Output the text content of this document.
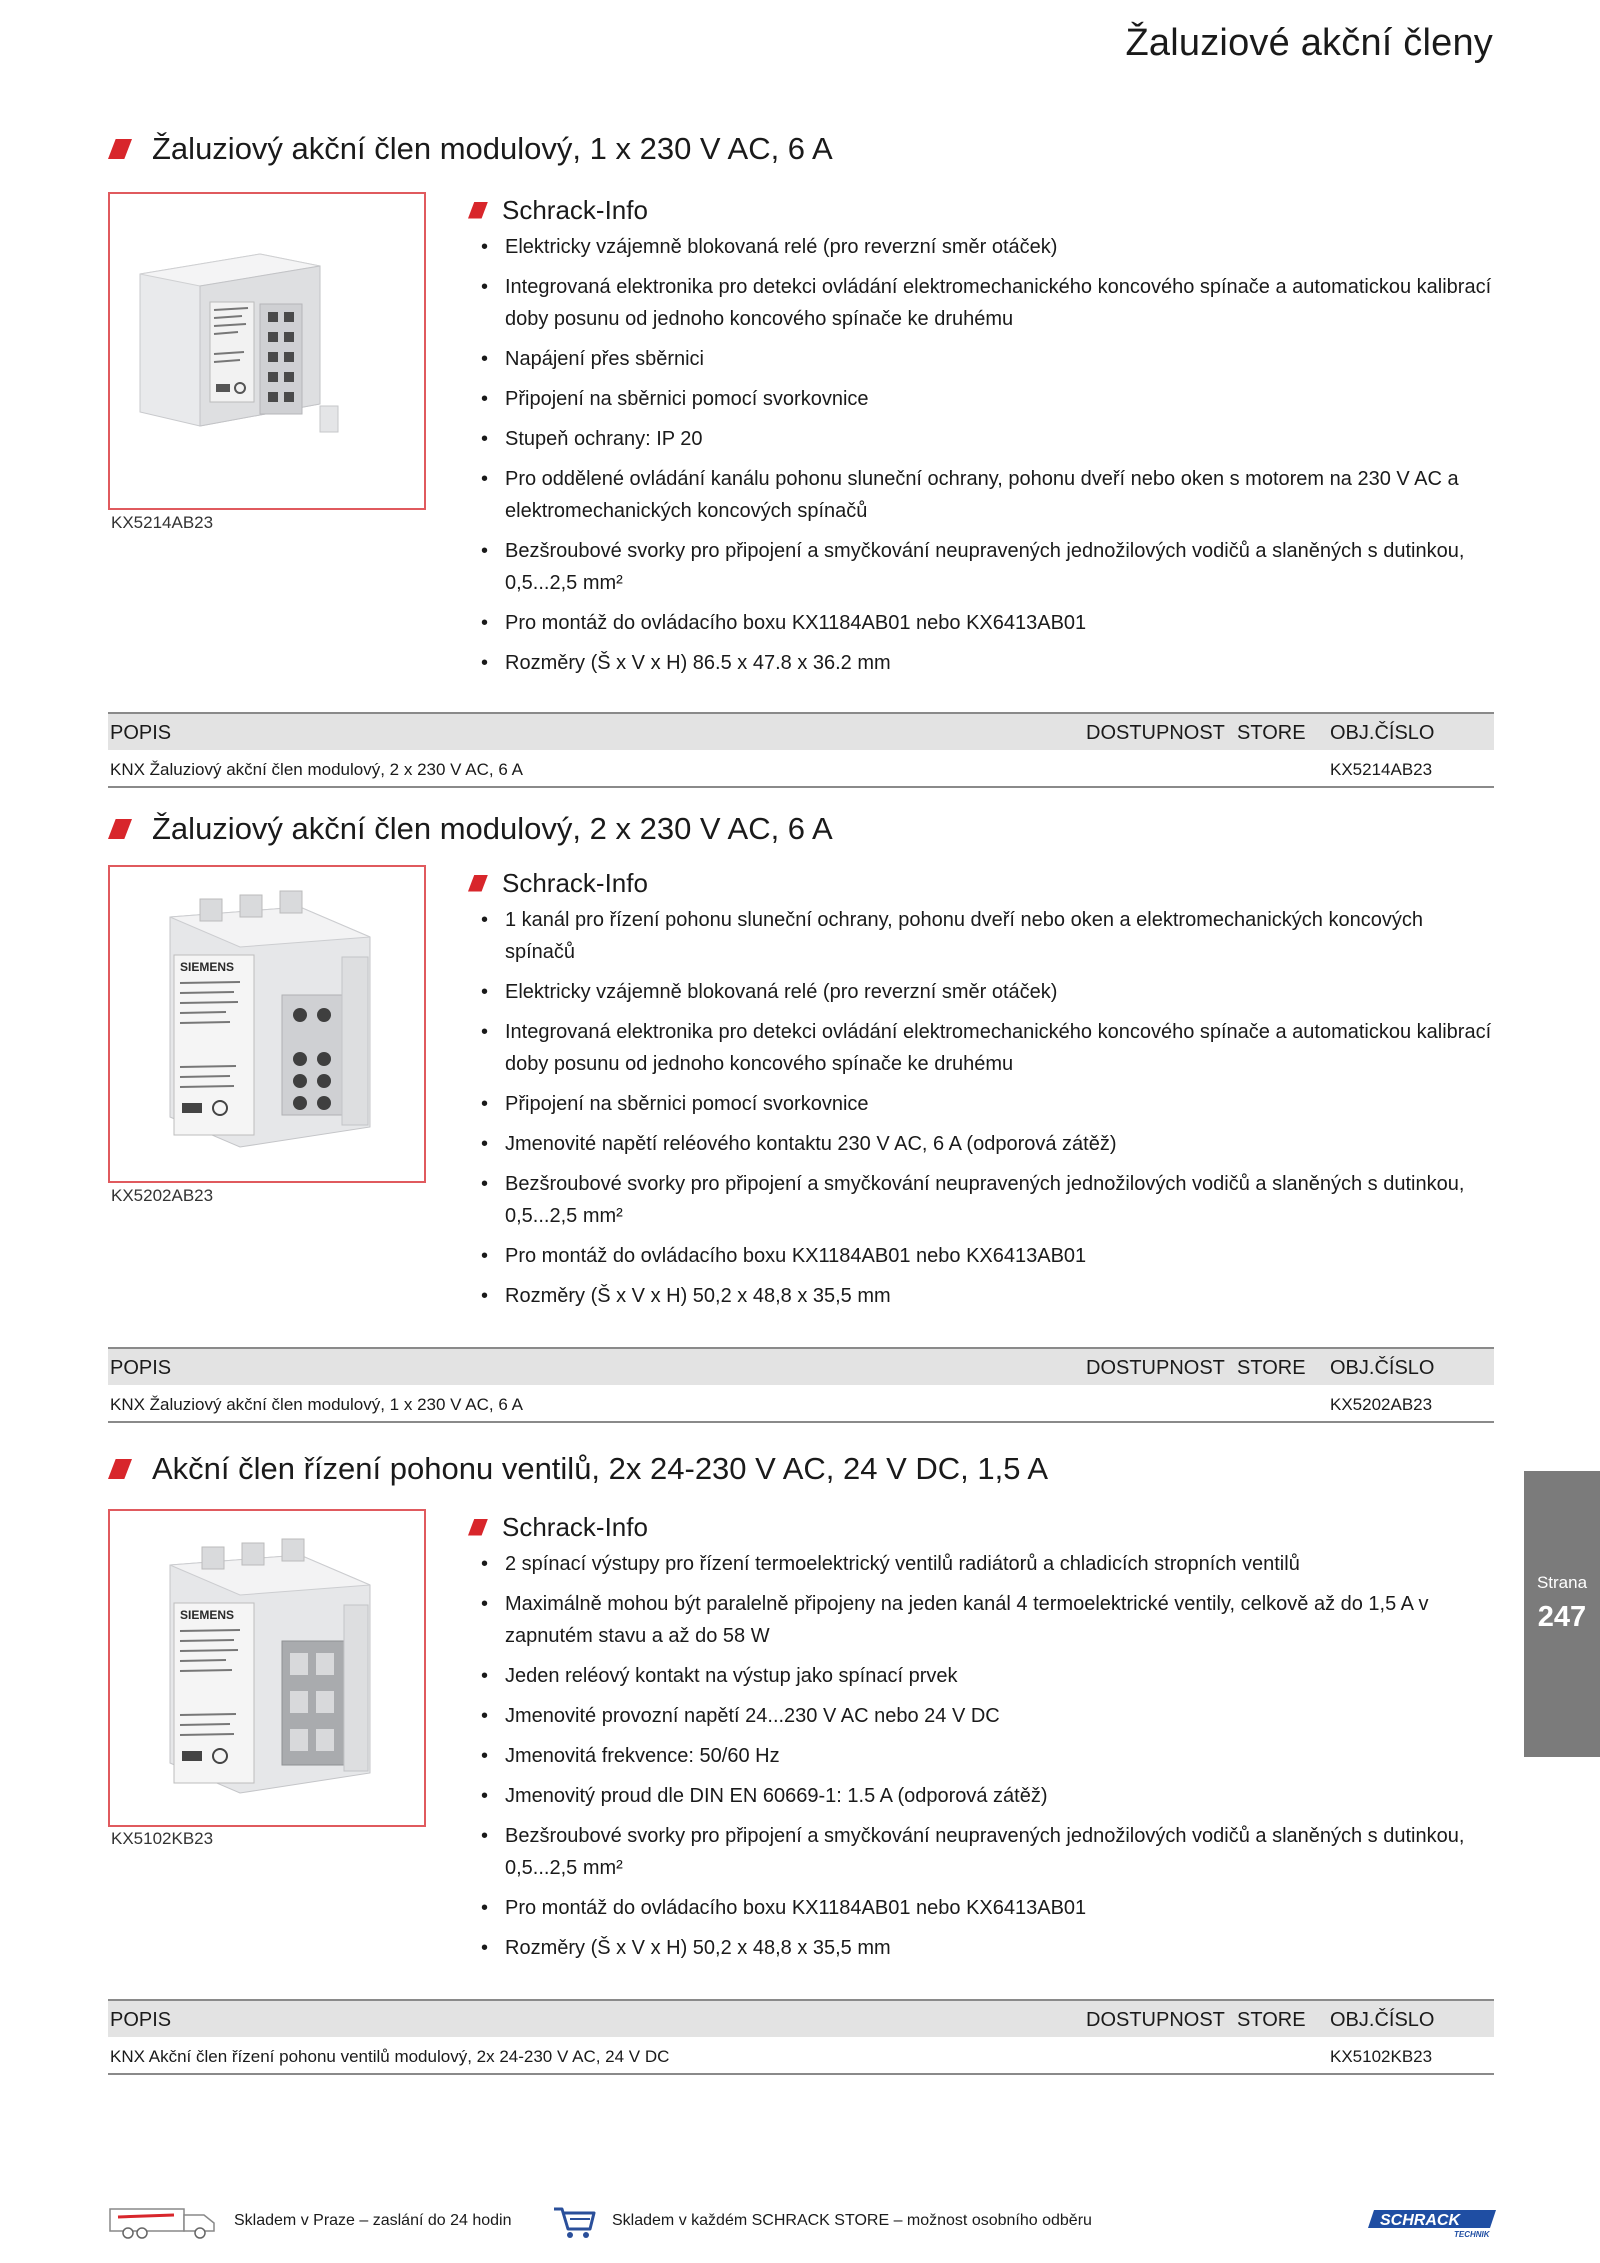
Žaluziové akční členy
Žaluziový akční člen modulový, 1 x 230 V AC, 6 A
KX5214AB23
Schrack-Info
• Elektricky vzájemně blokovaná relé (pro reverzní směr otáček)
• Integrovaná elektronika pro detekci ovládání elektromechanického koncového spínače a automatickou kalibrací doby posunu od jednoho koncového spínače ke druhému
• Napájení přes sběrnici
• Připojení na sběrnici pomocí svorkovnice
• Stupeň ochrany: IP 20
• Pro oddělené ovládání kanálu pohonu sluneční ochrany, pohonu dveří nebo oken s motorem na 230 V AC a elektromechanických koncových spínačů
• Bezšroubové svorky pro připojení a smyčkování neupravených jednožilových vodičů a slaněných s dutinkou, 0,5...2,5 mm²
• Pro montáž do ovládacího boxu KX1184AB01 nebo KX6413AB01
• Rozměry (Š x V x H) 86.5 x 47.8 x 36.2 mm
POPIS	DOSTUPNOST STORE OBJ.ČÍSLO
KNX Žaluziový akční člen modulový, 2 x 230 V AC, 6 A	KX5214AB23
Žaluziový akční člen modulový, 2 x 230 V AC, 6 A
SIEMENS
KX5202AB23
Schrack-Info
• 1 kanál pro řízení pohonu sluneční ochrany, pohonu dveří nebo oken a elektromechanických koncových spínačů
• Elektricky vzájemně blokovaná relé (pro reverzní směr otáček)
• Integrovaná elektronika pro detekci ovládání elektromechanického koncového spínače a automatickou kalibrací doby posunu od jednoho koncového spínače ke druhému
• Připojení na sběrnici pomocí svorkovnice
• Jmenovité napětí reléového kontaktu 230 V AC, 6 A (odporová zátěž)
• Bezšroubové svorky pro připojení a smyčkování neupravených jednožilových vodičů a slaněných s dutinkou, 0,5...2,5 mm²
• Pro montáž do ovládacího boxu KX1184AB01 nebo KX6413AB01
• Rozměry (Š x V x H) 50,2 x 48,8 x 35,5 mm
POPIS	DOSTUPNOST STORE OBJ.ČÍSLO
KNX Žaluziový akční člen modulový, 1 x 230 V AC, 6 A	KX5202AB23
Akční člen řízení pohonu ventilů, 2x 24-230 V AC, 24 V DC, 1,5 A
SIEMENS
KX5102KB23
Schrack-Info
• 2 spínací výstupy pro řízení termoelektrický ventilů radiátorů a chladicích stropních ventilů
• Maximálně mohou být paralelně připojeny na jeden kanál 4 termoelektrické ventily, celkově až do 1,5 A v zapnutém stavu a až do 58 W
• Jeden reléový kontakt na výstup jako spínací prvek
• Jmenovité provozní napětí 24...230 V AC nebo 24 V DC
• Jmenovitá frekvence: 50/60 Hz
• Jmenovitý proud dle DIN EN 60669-1: 1.5 A (odporová zátěž)
• Bezšroubové svorky pro připojení a smyčkování neupravených jednožilových vodičů a slaněných s dutinkou, 0,5...2,5 mm²
• Pro montáž do ovládacího boxu KX1184AB01 nebo KX6413AB01
• Rozměry (Š x V x H) 50,2 x 48,8 x 35,5 mm
POPIS	DOSTUPNOST STORE OBJ.ČÍSLO
KNX Akční člen řízení pohonu ventilů modulový, 2x 24-230 V AC, 24 V DC	KX5102KB23
Strana
247
Skladem v Praze – zaslání do 24 hodin	Skladem v každém SCHRACK STORE – možnost osobního odběru	SCHRACK
TECHNIK
